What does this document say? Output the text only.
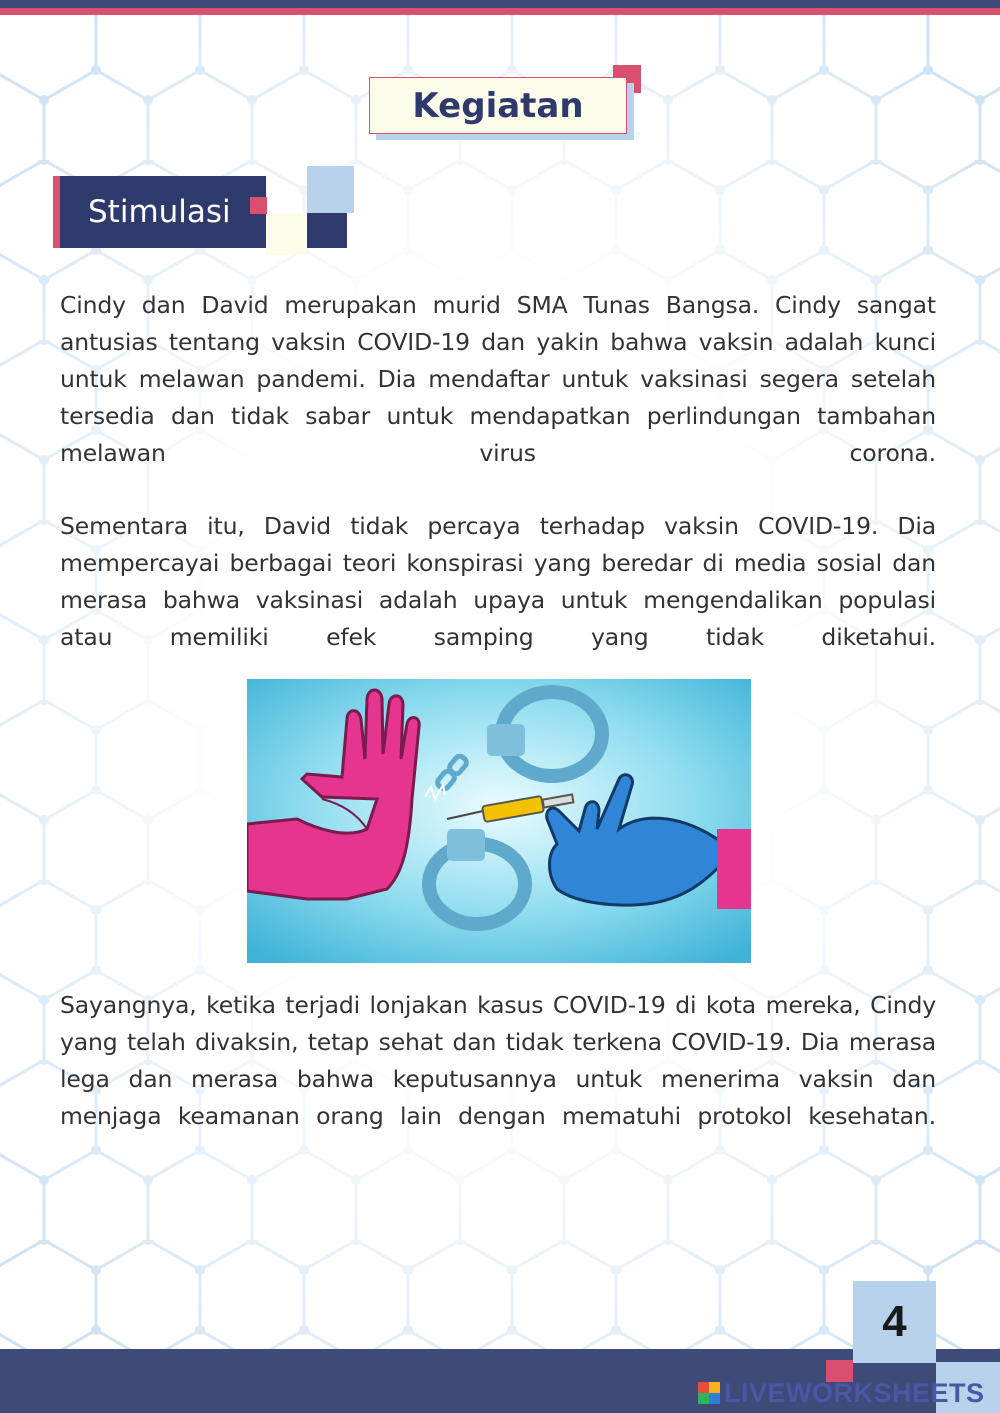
Kegiatan
Stimulasi

Cindy dan David merupakan murid SMA Tunas Bangsa. Cindy sangat antusias tentang vaksin COVID-19 dan yakin bahwa vaksin adalah kunci untuk melawan pandemi. Dia mendaftar untuk vaksinasi segera setelah tersedia dan tidak sabar untuk mendapatkan perlindungan tambahan melawan virus corona.

Sementara itu, David tidak percaya terhadap vaksin COVID-19. Dia mempercayai berbagai teori konspirasi yang beredar di media sosial dan merasa bahwa vaksinasi adalah upaya untuk mengendalikan populasi atau memiliki efek samping yang tidak diketahui.

Sayangnya, ketika terjadi lonjakan kasus COVID-19 di kota mereka, Cindy yang telah divaksin, tetap sehat dan tidak terkena COVID-19. Dia merasa lega dan merasa bahwa keputusannya untuk menerima vaksin dan menjaga keamanan orang lain dengan mematuhi protokol kesehatan.

4
LIVEWORKSHEETS
